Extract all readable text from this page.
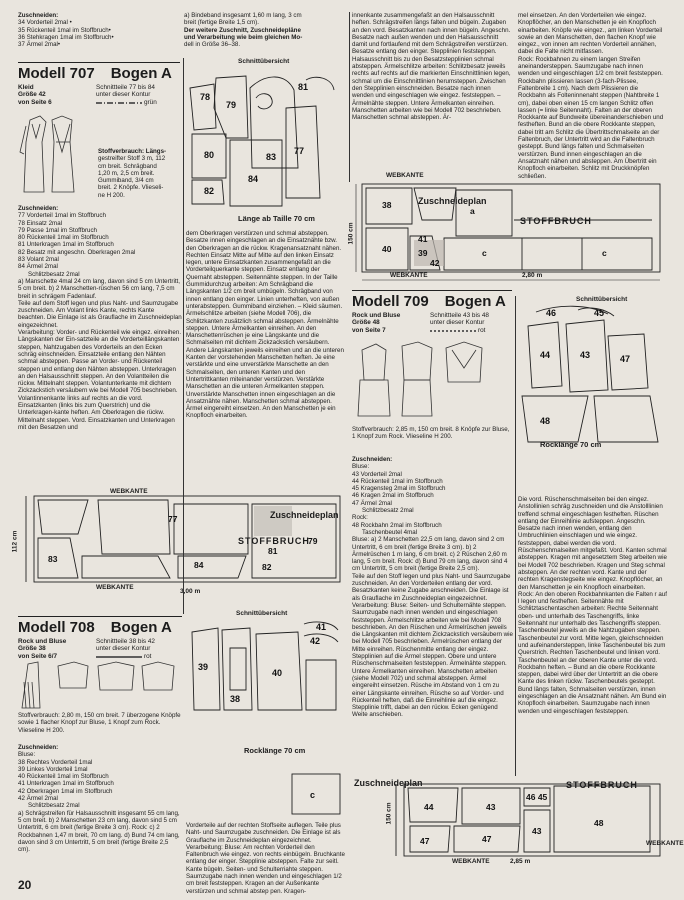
Zuschneiden:
34 Vorderteil 2mal •
35 Rückenteil 1mal im Stoffbruch•
36 Stehkragen 1mal im Stoffbruch•
37 Ärmel 2mal•
a) Bindeband insgesamt 1,60 m lang, 3 cm
breit (fertige Breite 1,5 cm).
Der weitere Zuschnitt, Zuschneidepläne
und Verarbeitung wie beim gleichen Mo-
dell in Größe 36–38.
Modell 707 Bogen A
Kleid
Größe 42
von Seite 6
Schnittteile 77 bis 84
unter dieser Kontur
grün
Stoffverbrauch: Längs-
gestreifter Stoff 3 m, 112
cm breit. Schrägband
1,20 m, 2,5 cm breit.
Gummiband, 3/4 cm
breit. 2 Knöpfe. Vlieseli-
ne H 200.
Zuschneiden:
77 Vorderteil 1mal im Stoffbruch
78 Einsatz 2mal
79 Passe 1mal im Stoffbruch
80 Rückenteil 1mal im Stoffbruch
81 Unterkragen 1mal im Stoffbruch
82 Besatz mit angeschn. Oberkragen 2mal
83 Volant 2mal
84 Ärmel 2mal
Schlitzbesatz 2mal
a) Manschette 4mal 24 cm lang, davon sind 5 cm Untertritt, 5 cm breit. b) 2 Manschetten-rüschen 56 cm lang, 7,5 cm breit in schrägem Fadenlauf.
Teile auf dem Stoff legen und plus Naht- und Saumzugabe zuschneiden. Am Volant links Kante, rechts Kante beachten. Die Einlage ist als Grauflache im Zuschneideplan eingezeichnet.
Verarbeitung: Vorder- und Rückenteil wie eingez. einreihen. Längskanten der Ein-satzteile an die Vorderteillängskanten steppen, Nahtzugaben des Vorderteils an den Ecken schräg einschneiden. Einsatzteile entlang den Nähten schmal absteppen. Passe an Vorder- und Rückenteil steppen und entlang den Nähten absteppen. Unterkragen an den Halsausschnitt steppen. An den Volantteilen die rückw. Mittelnaht steppen. Volantunterkante mit dichtem Zickzackstich versäubern wie bei Modell 705 beschrieben. Volantinnenkante links auf rechts an die vord. Einsatzkanten (links bis zum Querstrich) und die Unterkragen-kante heften. Am Oberkragen die rückw. Mittelnaht steppen. Vord. Einsatzkanten und Unterkragen mit den Besatzen und
Schnittübersicht
78
79
81
83
84
77
80
82
Länge ab Taille 70 cm
dem Oberkragen verstürzen und schmal absteppen. Besatze innen eingeschlagen an die Einsatznähte bzw. den Oberkragen an die rückw. Kragenansatznaht nähen. Rechten Einsatz Mitte auf Mitte auf den linken Einsatz legen, untere Einsatzkanten zusammengefaßt an die Vorderteilquerkante steppen. Einsatz entlang der Quernaht absteppen. Seitennähte steppen. In der Taille Gummidurchzug arbeiten: Am Schrägband die Längskanten 1/2 cm breit umbügeln. Schrägband von innen entlang den einger. Linien unterheften, von außen unterabsteppen. Gummiband einziehen. – Kleid säumen. Ärmelschlitze arbeiten (siehe Modell 706), die Schlitzkanten zusätzlich schmal absteppen. Ärmelnähte steppen. Untere Ärmelkanten einreihen. An den Manschettenrüschen je eine Längskante und die Schmalseiten mit dichtem Zickzackstich versäubern. Andere Längskanten jeweils einreihen und an die unteren Kanten der vorstehenden Manschetten heften. Je eine verstärkte und eine unverstärkte Manschette an den Schmalseiten, den unteren Kanten und den Untertrittkanten miteinander verstürzen. Verstärkte Manschetten an die unteren Ärmelkanten steppen. Unverstärkte Manschetten innen eingeschlagen an die Ansatznähte nähen. Manschetten schmal absteppen. Ärmel eingereiht einsetzen. An den Manschetten je ein Knopfloch einarbeiten.
innenkante zusammengefaßt an den Halsausschnitt heften. Schrägstreifen längs falten und bügeln. Zugaben an den vord. Besatzkanten nach innen bügeln. Angeschn. Besatze nach außen wenden und den Halsausschnitt damit und fortlaufend mit dem Schrägstreifen verstürzen. Besatze entlang den einger. Stepplinien feststeppen. Halsausschnitt bis zu den Besatzstepplinien schmal absteppen. Ärmelschlitze arbeiten: Schlitzbesatz jeweils rechts auf rechts auf die markierten Einschnittlinien legen, schmal um die Einschnittlinien herumsteppen. Zwischen den Stepplinien einschneiden. Besatze nach innen wenden und eingeschlagen wie eingez. feststeppen. – Ärmelnähte steppen. Untere Ärmelkanten einreihen. Manschetten arbeiten wie bei Modell 702 beschrieben. Manschetten schmal absteppen. Är-
mel einsetzen. An den Vorderteilen wie eingez. Knopflöcher, an den Manschetten je ein Knopfloch einarbeiten. Knöpfe wie eingez., am linken Vorderteil sowie an den Manschetten, den flachen Knopf wie eingez., von innen am rechten Vorderteil annähen, dabei die Falte nicht mitfassen.
Rock: Rockbahnen zu einem langen Streifen aneinandersteppen. Saumzugabe nach innen wenden und eingeschlagen 1/2 cm breit feststeppen. Rockbahn plissieren lassen (3-fach-Plissee, Faltenbreite 1 cm). Nach dem Plissieren die Rockbahn als Folteninnenaht steppen (Nahtbreite 1 cm), dabei oben einen 15 cm langen Schlitz offen lassen (= linke Seitennaht). Falten an der oberen Rockkante auf Bundweite übereinanderschieben und festheften. Bund an die obere Rockkante steppen, dabei tritt am Schlitz die Übertrittschmalseite an der Faltenbruch, der Untertritt wird an die Faltenbruch gesteppt. Bund längs falten und Schmalseiten verstürzen. Bund innen eingeschlagen an die Ansatznaht nähen und absteppen. Am Übertritt ein Knopfloch einarbeiten. Schlitz mit Druckknöpfen schließen.
WEBKANTE
38
40
41
39
42
c	c
a
Zuschneideplan
STOFFBRUCH
150 cm
WEBKANTE	2,80 m
Modell 709 Bogen A
Rock und Bluse
Größe 48
von Seite 7
Schnittteile 43 bis 48
unter dieser Kontur
rot
Stoffverbrauch: 2,85 m, 150 cm breit. 8 Knöpfe zur Bluse, 1 Knopf zum Rock. Vlieseline H 200.
Zuschneiden:
Bluse:
43 Vorderteil 2mal
44 Rückenteil 1mal im Stoffbruch
45 Kragensteg 2mal im Stoffbruch
46 Kragen 2mal im Stoffbruch
47 Ärmel 2mal
Schlitzbesatz 2mal
Rock:
48 Rockbahn 2mal im Stoffbruch
Taschenbeutel 4mal
Bluse: a) 2 Manschetten 22,5 cm lang, davon sind 2 cm Untertritt, 6 cm breit (fertige Breite 3 cm). b) 2 Ärmelrüschen 1 m lang, 6 cm breit. c) 2 Rüschen 2,60 m lang, 5 cm breit. Rock: d) Bund 79 cm lang, davon sind 4 cm Untertritt, 5 cm breit (fertige Breite 2,5 cm).
Teile auf den Stoff legen und plus Naht- und Saumzugabe zuschneiden. An den Vorderteilen entlang der vord. Besatzkanten keine Zugabe anschneiden. Die Einlage ist als Grauflache im Zuschneideplan eingezeichnet.
Verarbeitung: Bluse: Seiten- und Schulternähte steppen. Saumzugabe nach innen wenden und eingeschlagen feststeppen. Ärmelschlitze arbeiten wie bei Modell 708 beschrieben. An den Rüschen und Ärmelrüschen jeweils die Längskanten mit dichtem Zickzackstich versäubern wie bei Modell 705 beschrieben. Ärmelrüschen entlang der Mitte einreihen. Rüschenmitte entlang der eingez. Stepplinien auf die Ärmel steppen. Obere und untere Rüschenschmalseiten feststeppen. Ärmelnähte steppen. Untere Ärmelkanten einreihen. Manschetten arbeiten (siehe Modell 702) und schmal absteppen. Ärmel eingereiht einsetzen. Rüsche im Abstand von 1 cm zu einer Längskante einreihen. Rüsche so auf Vorder- und Rückenteil heften, daß die Einreihlinie auf die eingez. Stepplinie trifft, dabei an den rückw. Ecken genügend Weite anschieben.
Schnittübersicht
44	43	47
46	45
48
Rocklänge 70 cm
Die vord. Rüschenschmalseiten bei den eingez. Anstollinien schräg zuschneiden und die Anstolllinien treffend schmal eingeschlagen festheften. Rüschen entlang der Einreihlinie aufsteppen. Angeschn. Besatze nach innen wenden, entlang den Umbruchlinien einschlagen und wie eingez. feststeppen, dabei werden die vord. Rüschenschmalseiten mitgefaßt. Vord. Kanten schmal absteppen. Kragen mit angesetztem Steg arbeiten wie bei Modell 702 beschrieben. Kragen und Steg schmal absteppen. An der rechten vord. Kante und der rechten Kragenstegseite wie eingez. Knopflöcher, an den Manschetten je ein Knopfloch einarbeiten.
Rock: An den oberen Rockbahnkanten die Falten r auf l legen und festheften. Seitennähte mit Schlitztaschentaschen arbeiten: Rechte Seitennaht oben- und unterhalb des Taschengriffs, linke Seitennaht nur unterhalb des Taschengriffs steppen. Taschenbeutel jeweils an die Nahtzugaben steppen. Taschenbeutel zur vord. Mitte legen, gleichschneiden und aufeinandersteppen, linke Taschenbeutel bis zum Querstrich. Rechten Taschenbeutel und linken vord. Taschenbeutel an der oberen Kante unter die vord. Rockbahn heften. – Bund an die obere Rockkante steppen, dabei wird über der Untertritt an die obere Kante des linken rückw. Taschenbeutels gesteppt. Bund längs falten, Schmalseiten verstürzen, innen eingeschlagen an die Ansatznaht nähen. Am Bund ein Knopfloch einarbeiten. Saumzugabe nach innen wenden und eingeschlagen feststeppen.
WEBKANTE
77
83
84
81
79
82
Zuschneideplan
STOFFBRUCH
112 cm
WEBKANTE
3,00 m
Modell 708 Bogen A
Rock und Bluse
Größe 38
von Seite 6/7
Schnittteile 38 bis 42
unter dieser Kontur
rot
Stoffverbrauch: 2,80 m, 150 cm breit. 7 überzogene Knöpfe sowie 1 flacher Knopf zur Bluse, 1 Knopf zum Rock. Vlieseline H 200.
Zuschneiden:
Bluse:
38 Rechtes Vorderteil 1mal
39 Linkes Vorderteil 1mal
40 Rückenteil 1mal im Stoffbruch
41 Unterkragen 1mal im Stoffbruch
42 Oberkragen 1mal im Stoffbruch
42 Ärmel 2mal
Schlitzbesatz 2mal
a) Schrägstreifen für Halsausschnitt insgesamt 55 cm lang, 5 cm breit. b) 2 Manschetten 23 cm lang, davon sind 5 cm Untertritt, 6 cm breit (fertige Breite 3 cm). Rock: c) 2 Rockbahnen 1,47 m breit, 70 cm lang. d) Bund 74 cm lang, davon sind 3 cm Untertritt, 5 cm breit (fertige Breite 2,5 cm).
Schnittübersicht
39
38
40
41
42
Rocklänge 70 cm
c
Vorderteile auf der rechten Stoffseite auflegen. Teile plus Naht- und Saumzugabe zuschneiden. Die Einlage ist als Grauflache im Zuschneideplan eingezeichnet.
Verarbeitung: Bluse: Am rechten Vorderteil den Faltenbruch wie eingez. von rechts einbügeln. Bruchkante entlang der einger. Stepplinie absteppen. Falte zur seitl. Kante bügeln. Seiten- und Schulterriahte steppen. Saumzugabe nach innen wenden und eingeschlagen 1/2 cm breit feststeppen. Kragen an der Außenkante verstürzen und schmal abstep pen. Kragen-
Zuschneideplan	STOFFBRUCH
44	43
46 45
48
47	47
43
150 cm
WEBKANTE	2,85 m
WEBKANTE
20
